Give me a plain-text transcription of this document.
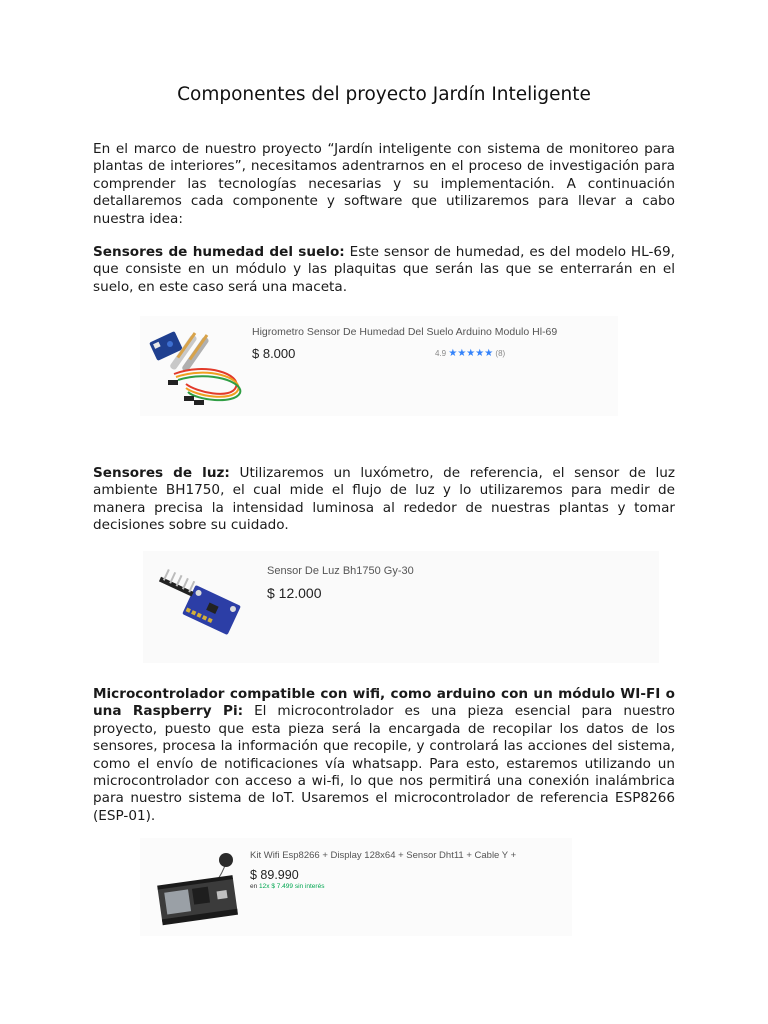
Componentes del proyecto Jardín Inteligente

En el marco de nuestro proyecto “Jardín inteligente con sistema de monitoreo para plantas de interiores”, necesitamos adentrarnos en el proceso de investigación para comprender las tecnologías necesarias y su implementación. A continuación detallaremos cada componente y software que utilizaremos para llevar a cabo nuestra idea:

Sensores de humedad del suelo: Este sensor de humedad, es del modelo HL-69, que consiste en un módulo y las plaquitas que serán las que se enterrarán en el suelo, en este caso será una maceta.

Higrometro Sensor De Humedad Del Suelo Arduino Modulo Hl-69
$ 8.000	4.9 ★★★★★ (8)

Sensores de luz: Utilizaremos un luxómetro, de referencia, el sensor de luz ambiente BH1750, el cual mide el flujo de luz y lo utilizaremos para medir de manera precisa la intensidad luminosa al rededor de nuestras plantas y tomar decisiones sobre su cuidado.

Sensor De Luz Bh1750 Gy-30
$ 12.000

Microcontrolador compatible con wifi, como arduino con un módulo WI-FI o una Raspberry Pi: El microcontrolador es una pieza esencial para nuestro proyecto, puesto que esta pieza será la encargada de recopilar los datos de los sensores, procesa la información que recopile, y controlará las acciones del sistema, como el envío de notificaciones vía whatsapp. Para esto, estaremos utilizando un microcontrolador con acceso a wi-fi, lo que nos permitirá una conexión inalámbrica para nuestro sistema de IoT. Usaremos el microcontrolador de referencia ESP8266 (ESP-01).

Kit Wifi Esp8266 + Display 128x64 + Sensor Dht11 + Cable Y +
$ 89.990
en 12x $ 7.499 sin interés
